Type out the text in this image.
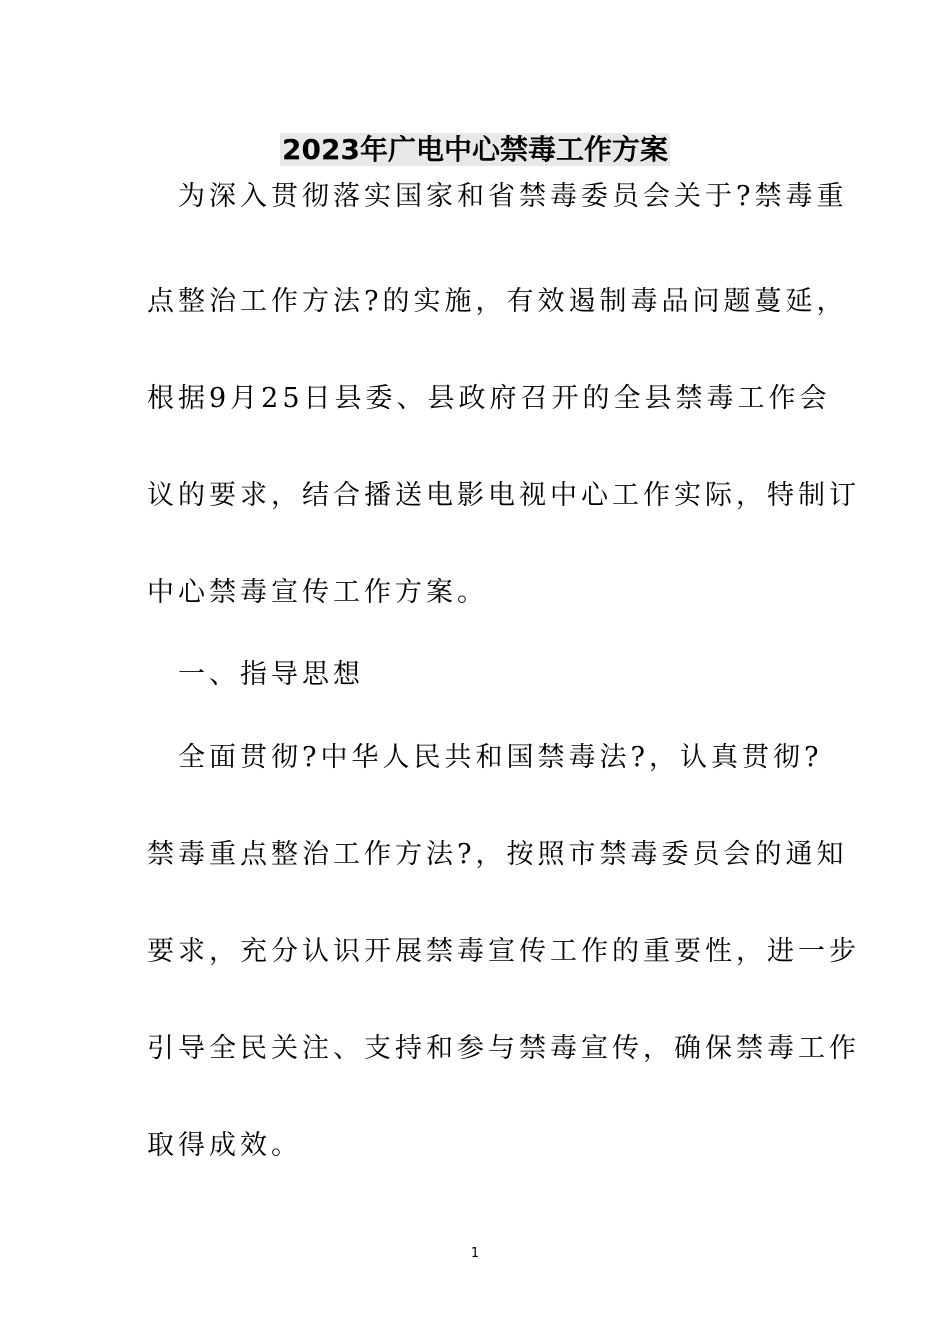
2023年广电中心禁毒工作方案
　为深入贯彻落实国家和省禁毒委员会关于?禁毒重
点整治工作方法?的实施，有效遏制毒品问题蔓延，
根据9月25日县委、县政府召开的全县禁毒工作会
议的要求，结合播送电影电视中心工作实际，特制订
中心禁毒宣传工作方案。
　一、指导思想
　全面贯彻?中华人民共和国禁毒法?，认真贯彻?
禁毒重点整治工作方法?，按照市禁毒委员会的通知
要求，充分认识开展禁毒宣传工作的重要性，进一步
引导全民关注、支持和参与禁毒宣传，确保禁毒工作
取得成效。
1
